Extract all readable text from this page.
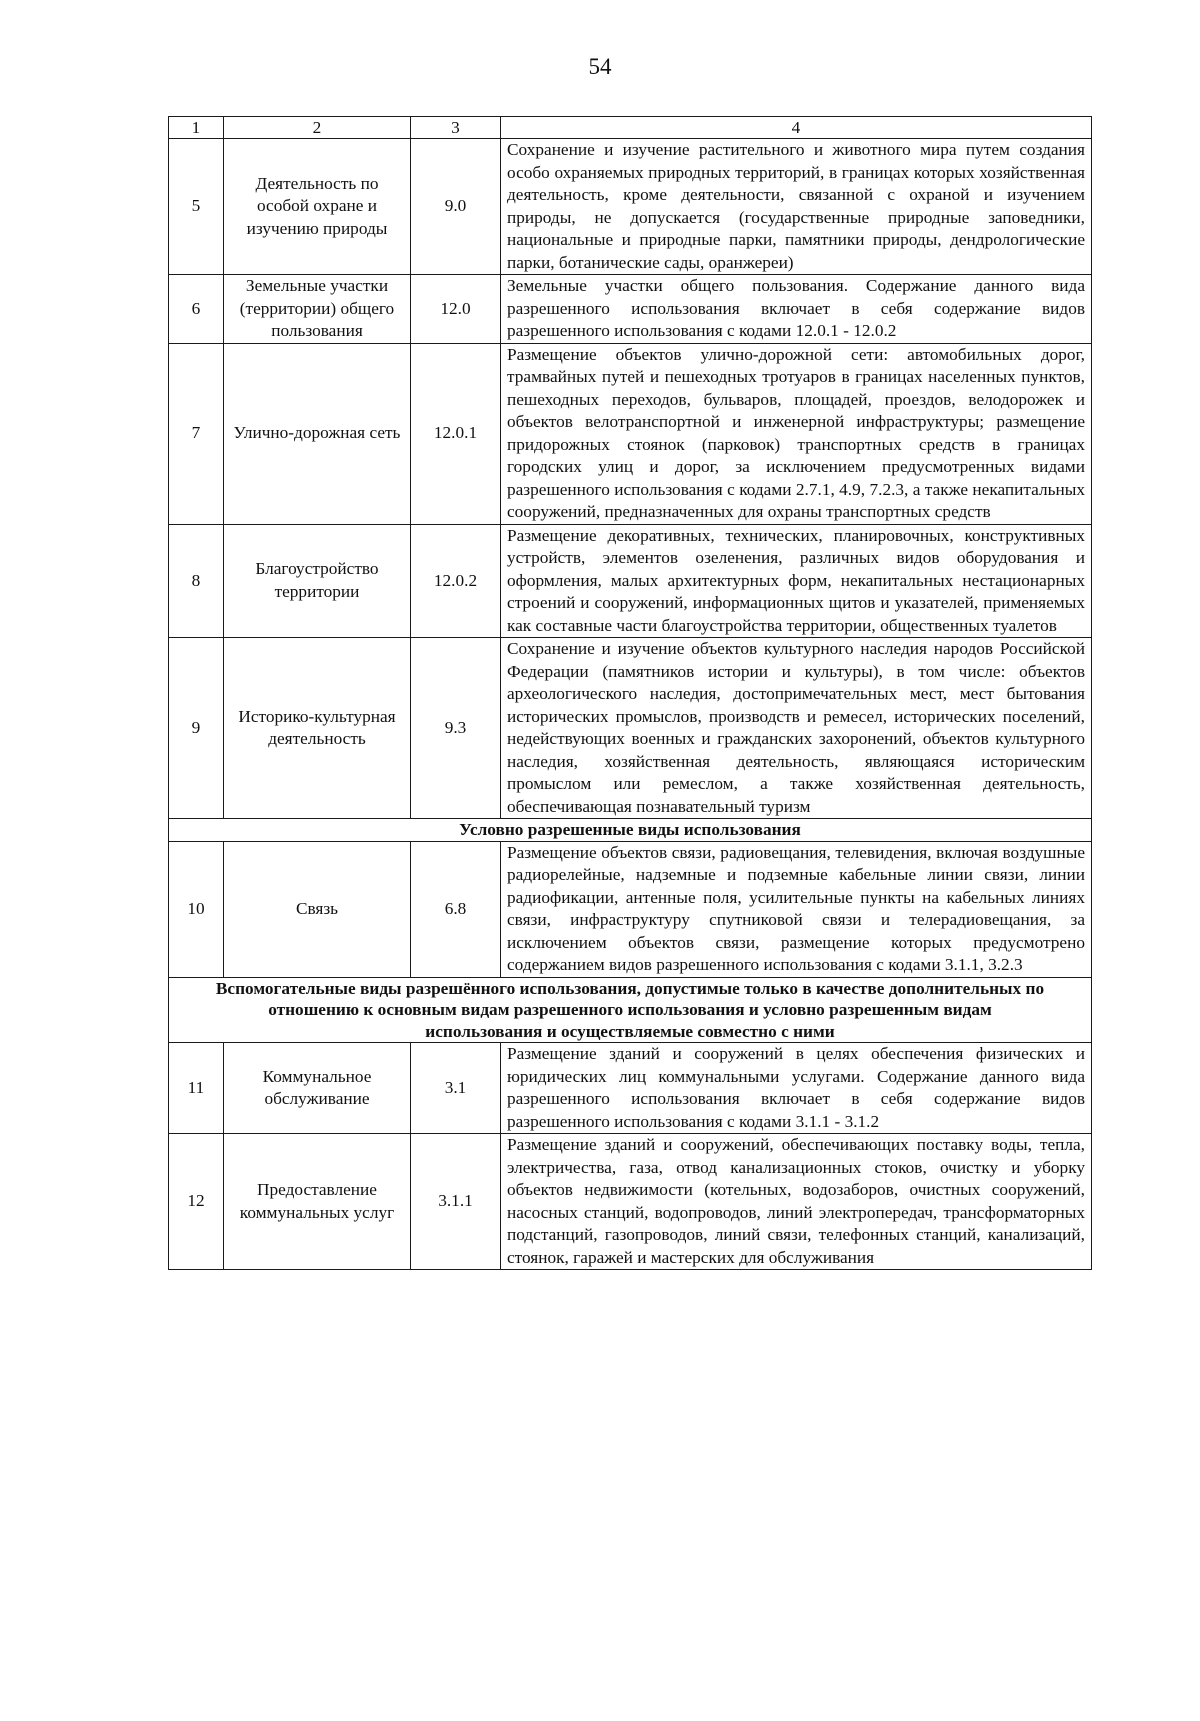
54
1	2	3	4
5	Деятельность по особой охране и изучению природы	9.0	Сохранение и изучение растительного и животного мира путем создания особо охраняемых природных территорий, в границах которых хозяйственная деятельность, кроме деятельности, связанной с охраной и изучением природы, не допускается (государственные природные заповедники, национальные и природные парки, памятники природы, дендрологические парки, ботанические сады, оранжереи)
6	Земельные участки (территории) общего пользования	12.0	Земельные участки общего пользования. Содержание данного вида разрешенного использования включает в себя содержание видов разрешенного использования с кодами 12.0.1 - 12.0.2
7	Улично-дорожная сеть	12.0.1	Размещение объектов улично-дорожной сети: автомобильных дорог, трамвайных путей и пешеходных тротуаров в границах населенных пунктов, пешеходных переходов, бульваров, площадей, проездов, велодорожек и объектов велотранспортной и инженерной инфраструктуры; размещение придорожных стоянок (парковок) транспортных средств в границах городских улиц и дорог, за исключением предусмотренных видами разрешенного использования с кодами 2.7.1, 4.9, 7.2.3, а также некапитальных сооружений, предназначенных для охраны транспортных средств
8	Благоустройство территории	12.0.2	Размещение декоративных, технических, планировочных, конструктивных устройств, элементов озеленения, различных видов оборудования и оформления, малых архитектурных форм, некапитальных нестационарных строений и сооружений, информационных щитов и указателей, применяемых как составные части благоустройства территории, общественных туалетов
9	Историко-культурная деятельность	9.3	Сохранение и изучение объектов культурного наследия народов Российской Федерации (памятников истории и культуры), в том числе: объектов археологического наследия, достопримечательных мест, мест бытования исторических промыслов, производств и ремесел, исторических поселений, недействующих военных и гражданских захоронений, объектов культурного наследия, хозяйственная деятельность, являющаяся историческим промыслом или ремеслом, а также хозяйственная деятельность, обеспечивающая познавательный туризм
Условно разрешенные виды использования			
10	Связь	6.8	Размещение объектов связи, радиовещания, телевидения, включая воздушные радиорелейные, надземные и подземные кабельные линии связи, линии радиофикации, антенные поля, усилительные пункты на кабельных линиях связи, инфраструктуру спутниковой связи и телерадиовещания, за исключением объектов связи, размещение которых предусмотрено содержанием видов разрешенного использования с кодами 3.1.1, 3.2.3
Вспомогательные виды разрешённого использования, допустимые только в качестве дополнительных по отношению к основным видам разрешенного использования и условно разрешенным видам использования и осуществляемые совместно с ними			
11	Коммунальное обслуживание	3.1	Размещение зданий и сооружений в целях обеспечения физических и юридических лиц коммунальными услугами. Содержание данного вида разрешенного использования включает в себя содержание видов разрешенного использования с кодами 3.1.1 - 3.1.2
12	Предоставление коммунальных услуг	3.1.1	Размещение зданий и сооружений, обеспечивающих поставку воды, тепла, электричества, газа, отвод канализационных стоков, очистку и уборку объектов недвижимости (котельных, водозаборов, очистных сооружений, насосных станций, водопроводов, линий электропередач, трансформаторных подстанций, газопроводов, линий связи, телефонных станций, канализаций, стоянок, гаражей и мастерских для обслуживания
